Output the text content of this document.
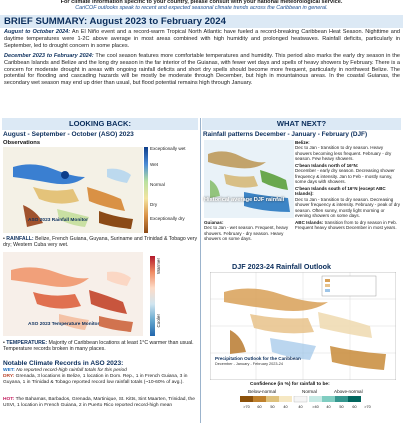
For climate information specific to your country, please consult with your national meteorological service.
CariCOF outlooks speak to recent and expected seasonal climate trends across the Caribbean in general.
BRIEF SUMMARY: August 2023 to February 2024
August to October 2024: An El Niño event and a record-warm Tropical North Atlantic have fueled a record-breaking Caribbean Heat Season. Nighttime and daytime temperatures were 1-2C above average in most areas combined with high humidity and prolonged heatwaves. Rainfall deficits, particularly in September, led to drought concern in some places.
December 2023 to February 2024: The cool season features more comfortable temperatures and humidity. This period also marks the early dry season in the Caribbean Islands and Belize and the long dry season in the far interior of the Guianas, with fewer wet days and spells of heavy showers by February. There is a concern for moderate drought in areas with ongoing rainfall deficits and short dry spells should become more frequent, particularly in northwest Belize. The potential for flooding and cascading hazards will be mostly be moderate through December, but high in mountainous areas. In the coastal Guianas, the secondary wet season may end up drier than usual, but flood potential remains high through January.
LOOKING BACK:	WHAT NEXT?
August - September - October (ASO) 2023
Observations
ASO 2023 Rainfall Monitor
Exceptionally wet
Wet
Normal
Dry
Exceptionally dry
• RAINFALL: Belize, French Guiana, Guyana, Suriname and Trinidad & Tobago very dry; Western Cuba very wet.
ASO 2023 Temperature Monitor
Warmer
Cooler
• TEMPERATURE: Majority of Caribbean locations at least 1°C warmer than usual. Temperature records broken in many places.
Notable Climate Records in ASO 2023:
WET: No reported record-high rainfall totals for this period
DRY: Grenada, 3 locations in Belize, 1 location in Dom. Rep., 1 in French Guiana, 3 in Guyana, 1 in Trinidad & Tobago reported record low rainfall totals (~10-60% of avg.).
HOT: The Bahamas, Barbados, Grenada, Martinique, St. Kitts, Sint Maarten, Trinidad, the USVI, 1 location in French Guiana, 2 in Puerto Rico reported record-high mean
Rainfall patterns December - January - February (DJF)
Historical average DJF rainfall
Guianas:
Dec to Jan - wet season. Frequent, heavy showers. February - dry season. Heavy showers on some days.
Belize:
Dec to Jan - transition to dry season. Heavy showers becoming less frequent. February - dry season. Few heavy showers.
C'bean Islands north of 16°N:
December - early dry season. Decreasing shower frequency & intensity. Jan to Feb - mostly sunny, some days with showers.
C'bean Islands south of 16°N (except ABC Islands):
Dec to Jan - transition to dry season. Decreasing shower frequency & intensity. February - peak of dry season. Often sunny, mostly light morning or evening showers on some days.
ABC Islands: transition from to dry season in Feb. Frequent heavy showers December in most years.
DJF 2023-24 Rainfall Outlook
Precipitation Outlook for the Caribbean
December - January - February 2023-24
Confidence (in %) for rainfall to be:
Below-normal	Normal	Above-normal
>70 60 50 40	40	>40 40 50 60 >70
